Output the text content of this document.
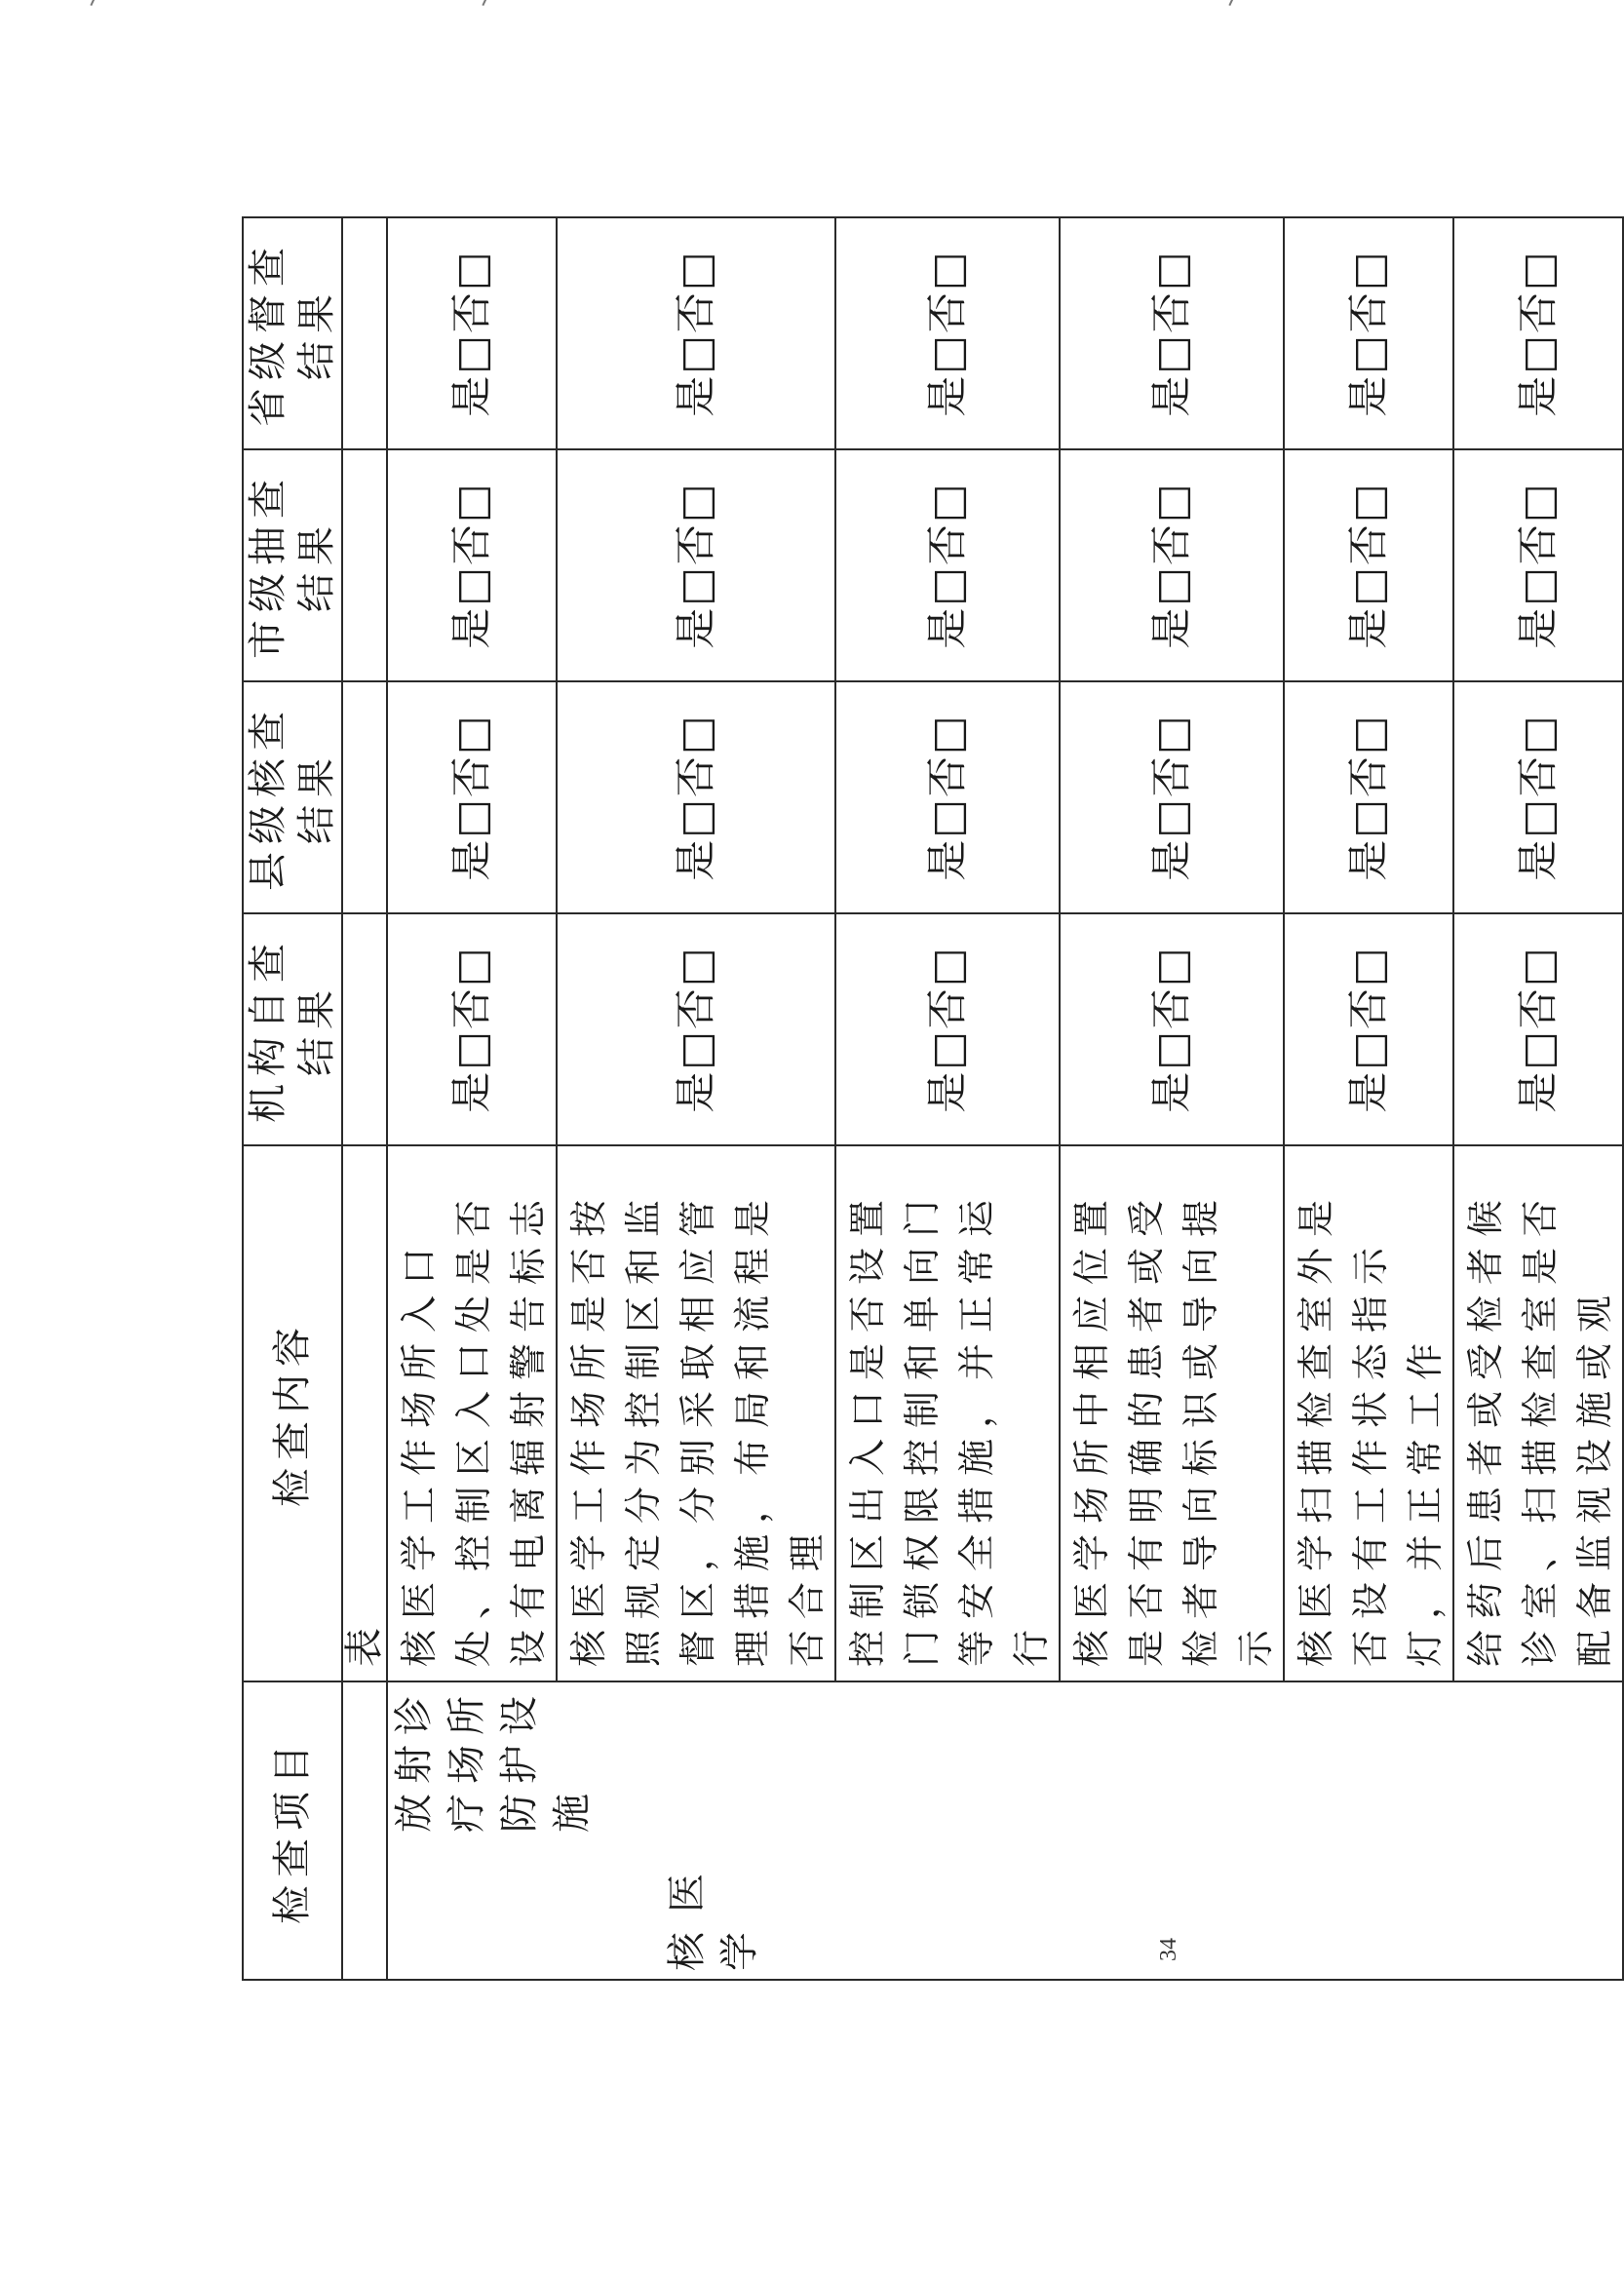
检查项目	检查内容	机构自查结果	县级核查结果	市级抽查结果	省级督查结果
	表				

放射诊疗场所防护设施
核医学	核医学工作场所入口处、控制区入口处是否设有电离辐射警告标志	是□否□	是□否□	是□否□	是□否□
	核医学工作场所是否按照规定分为控制区和监督区，分别采取相应管理措施，布局和流程是否合理	是□否□	是□否□	是□否□	是□否□
	控制区出入口是否设置门锁权限控制和单向门等安全措施，并正常运行	是□否□	是□否□	是□否□	是□否□
	核医学场所中相应位置是否有明确的患者或受检者导向标识或导向提示	是□否□	是□否□	是□否□	是□否□
	核医学扫描检查室外是否设有工作状态指示灯，并正常工作	是□否□	是□否□	是□否□	是□否□
	给药后患者或受检者候诊室、扫描检查室是否配备监视设施或观	是□否□	是□否□	是□否□	是□否□
34
